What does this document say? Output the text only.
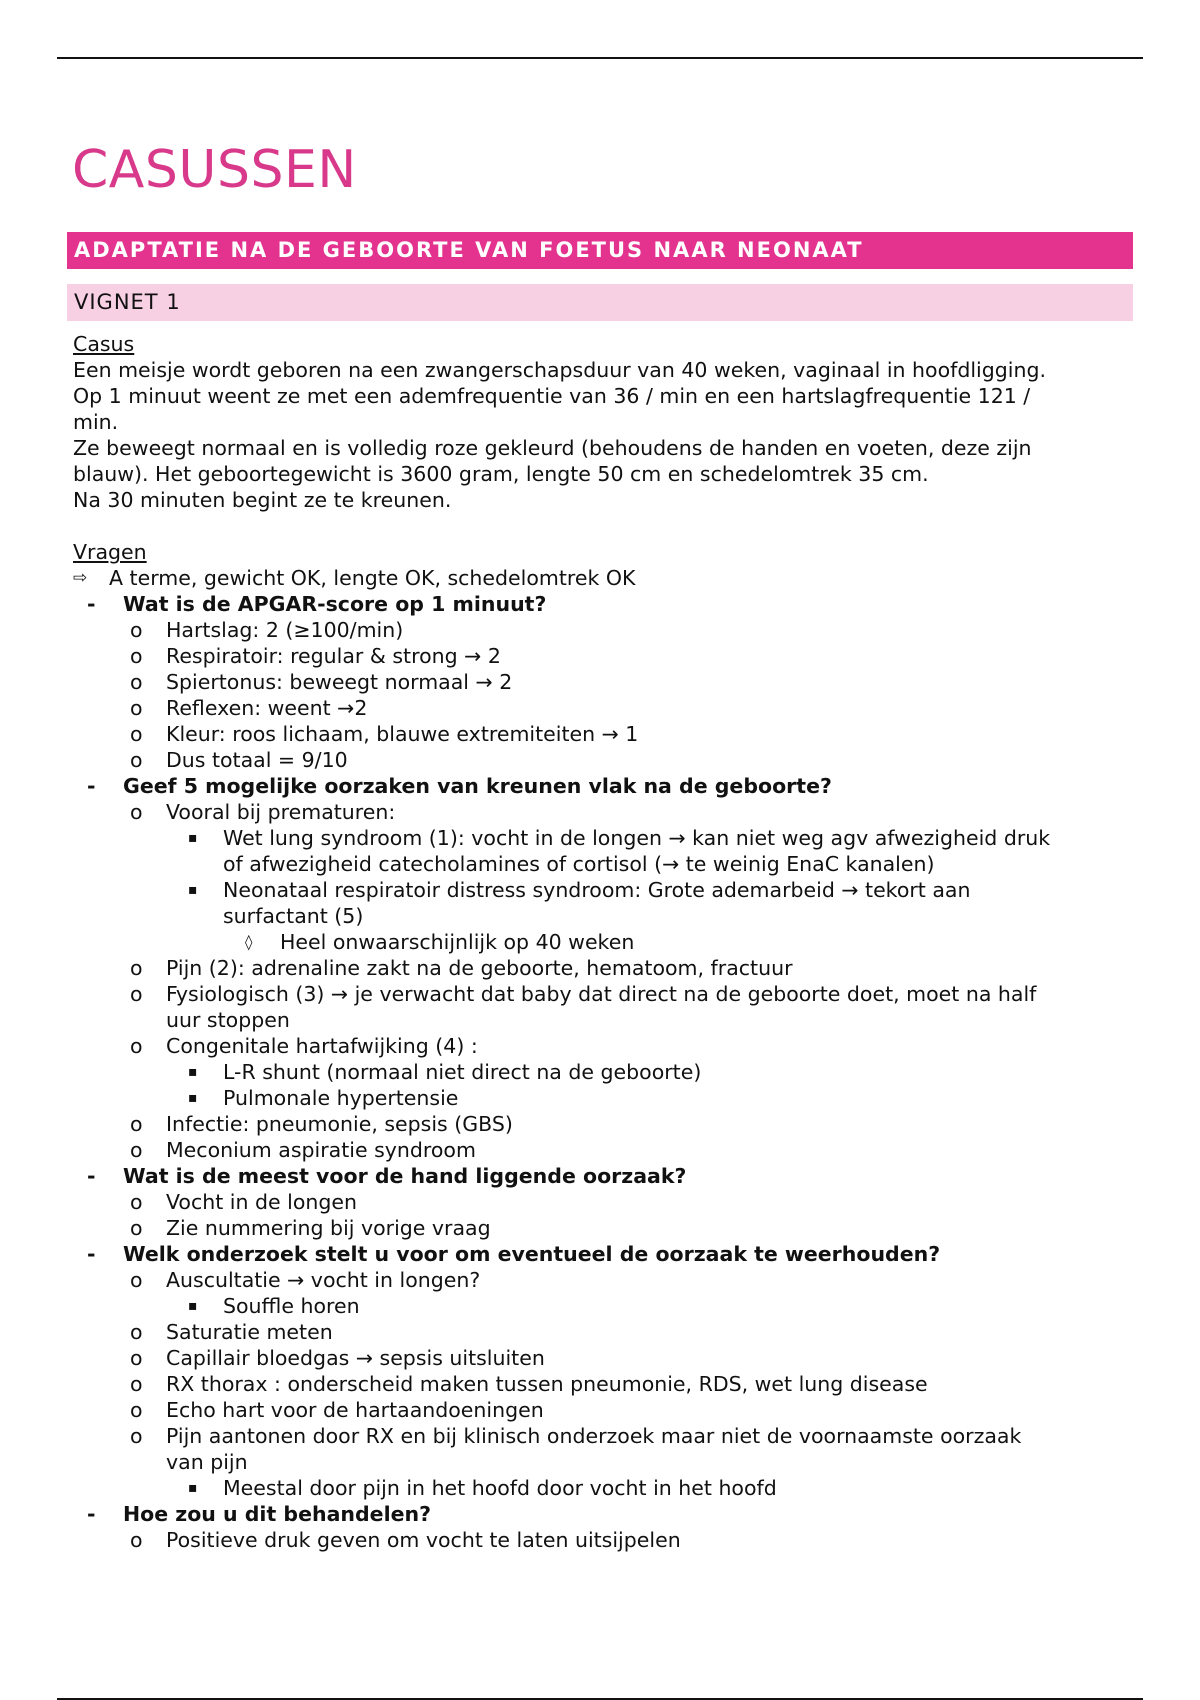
CASUSSEN
ADAPTATIE NA DE GEBOORTE VAN FOETUS NAAR NEONAAT
VIGNET 1

Casus

Een meisje wordt geboren na een zwangerschapsduur van 40 weken, vaginaal in hoofdligging.

Op 1 minuut weent ze met een ademfrequentie van 36 / min en een hartslagfrequentie 121 /

min.

Ze beweegt normaal en is volledig roze gekleurd (behoudens de handen en voeten, deze zijn

blauw). Het geboortegewicht is 3600 gram, lengte 50 cm en schedelomtrek 35 cm.

Na 30 minuten begint ze te kreunen.

Vragen

⇨ A terme, gewicht OK, lengte OK, schedelomtrek OK
- Wat is de APGAR-score op 1 minuut?
o Hartslag: 2 (≥100/min)
o Respiratoir: regular & strong → 2
o Spiertonus: beweegt normaal → 2
o Reflexen: weent →2
o Kleur: roos lichaam, blauwe extremiteiten → 1
o Dus totaal = 9/10
- Geef 5 mogelijke oorzaken van kreunen vlak na de geboorte?
o Vooral bij prematuren:
▪ Wet lung syndroom (1): vocht in de longen → kan niet weg agv afwezigheid druk
of afwezigheid catecholamines of cortisol (→ te weinig EnaC kanalen)
▪ Neonataal respiratoir distress syndroom: Grote ademarbeid → tekort aan
surfactant (5)
◊ Heel onwaarschijnlijk op 40 weken
o Pijn (2): adrenaline zakt na de geboorte, hematoom, fractuur
o Fysiologisch (3) → je verwacht dat baby dat direct na de geboorte doet, moet na half
uur stoppen
o Congenitale hartafwijking (4) :
▪ L-R shunt (normaal niet direct na de geboorte)
▪ Pulmonale hypertensie
o Infectie: pneumonie, sepsis (GBS)
o Meconium aspiratie syndroom
- Wat is de meest voor de hand liggende oorzaak?
o Vocht in de longen
o Zie nummering bij vorige vraag
- Welk onderzoek stelt u voor om eventueel de oorzaak te weerhouden?
o Auscultatie → vocht in longen?
▪ Souffle horen
o Saturatie meten
o Capillair bloedgas → sepsis uitsluiten
o RX thorax : onderscheid maken tussen pneumonie, RDS, wet lung disease
o Echo hart voor de hartaandoeningen
o Pijn aantonen door RX en bij klinisch onderzoek maar niet de voornaamste oorzaak
van pijn
▪ Meestal door pijn in het hoofd door vocht in het hoofd
- Hoe zou u dit behandelen?
o Positieve druk geven om vocht te laten uitsijpelen
